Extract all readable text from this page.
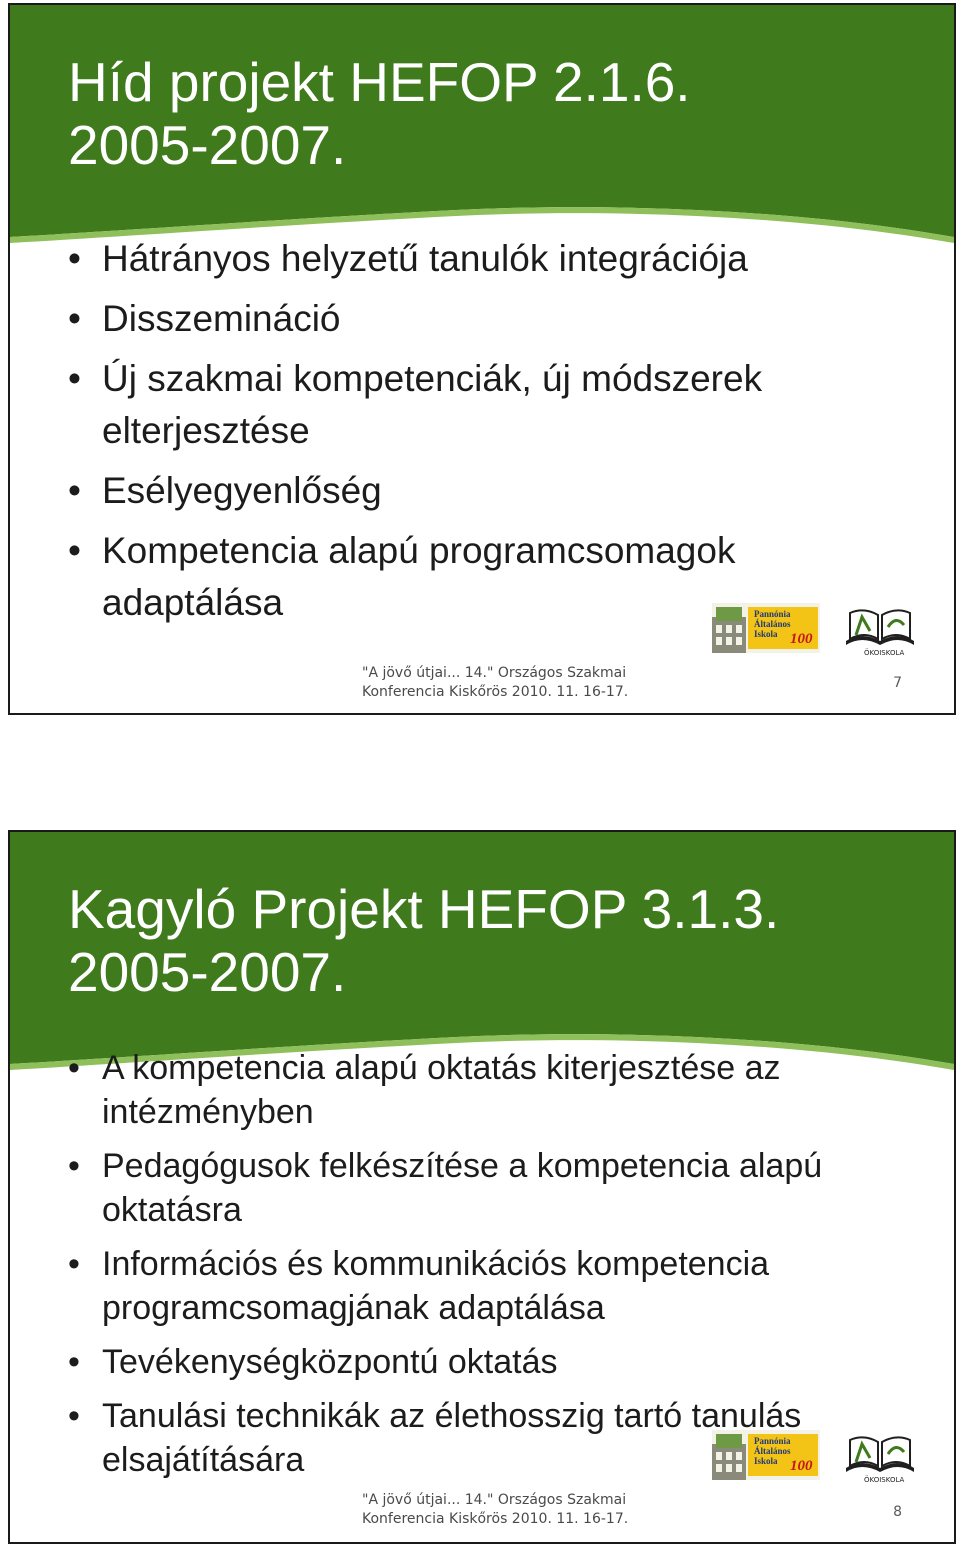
Híd projekt HEFOP 2.1.6.
2005-2007.
• Hátrányos helyzetű tanulók integrációja
• Disszemináció
• Új szakmai kompetenciák, új módszerek elterjesztése
• Esélyegyenlőség
• Kompetencia alapú programcsomagok adaptálása	Pannónia
Általános
Iskola 100
ÖKOISKOLA
"A jövő útjai... 14." Országos Szakmai
Konferencia Kiskőrös 2010. 11. 16-17.
7
Kagyló Projekt HEFOP 3.1.3.
2005-2007.
Pannónia
Általános
Iskola 100
ÖKOISKOLA
"A jövő útjai... 14." Országos Szakmai
Konferencia Kiskőrös 2010. 11. 16-17.	8
• A kompetencia alapú oktatás kiterjesztése az intézményben
• Pedagógusok felkészítése a kompetencia alapú oktatásra
• Információs és kommunikációs kompetencia programcsomagjának adaptálása
• Tevékenységközpontú oktatás
• Tanulási technikák az élethosszig tartó tanulás elsajátítására
